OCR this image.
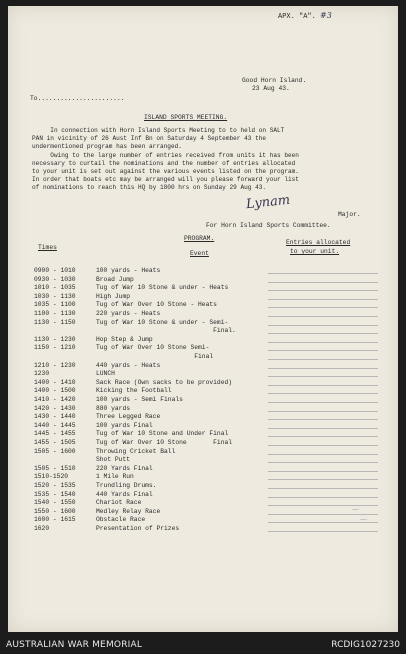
APX. "A". #3
Good Horn Island.
23 Aug 43.
To.......................
ISLAND SPORTS MEETING.
In connection with Horn Island Sports Meeting to to held on SALT
PAN in vicinity of 26 Aust Inf Bn on Saturday 4 September 43 the
undermentioned program has been arranged.
Owing to the large number of entries received from units it has been
necessary to curtail the nominations and the number of entries allocated
to your unit is set out against the various events listed on the program.
In order that boats etc may be arranged will you please forward your list
of nominations to reach this HQ by 1800 hrs on Sunday 29 Aug 43.
Lynam
Major.
For Horn Island Sports Committee.
PROGRAM.
Entries allocated
to your unit.
Times
Event
0900 - 1010	100 yards - Heats
0930 - 1030	Broad Jump
1010 - 1035	Tug of War 10 Stone & under - Heats
1030 - 1130	High Jump
1035 - 1100	Tug of War Over 10 Stone - Heats
1100 - 1130	220 yards - Heats
1130 - 1150	Tug of War 10 Stone & under - Semi-
Final.
1130 - 1230	Hop Step & Jump
1150 - 1210	Tug of War Over 10 Stone Semi-
Final
1210 - 1230	440 yards - Heats
1230	LUNCH
1400 - 1410	Sack Race (Own sacks to be provided)
1400 - 1500	Kicking the Football
1410 - 1420	100 yards - Semi Finals
1420 - 1430	880 yards
1430 - 1440	Three Legged Race
1440 - 1445	100 yards Final
1445 - 1455	Tug of War 10 Stone and Under Final
1455 - 1505	Tug of War Over 10 Stone       Final
1505 - 1600	Throwing Cricket Ball
Shot Putt
1505 - 1510	220 Yards Final
1510-1520	1 Mile Run
1520 - 1535	Trundling Drums.
1535 - 1540	440 Yards Final
1540 - 1550	Chariot Race
1550 - 1600	Medley Relay Race
1600 - 1615	Obstacle Race
1620	Presentation of Prizes
—
—
AUSTRALIAN WAR MEMORIAL	RCDIG1027230
